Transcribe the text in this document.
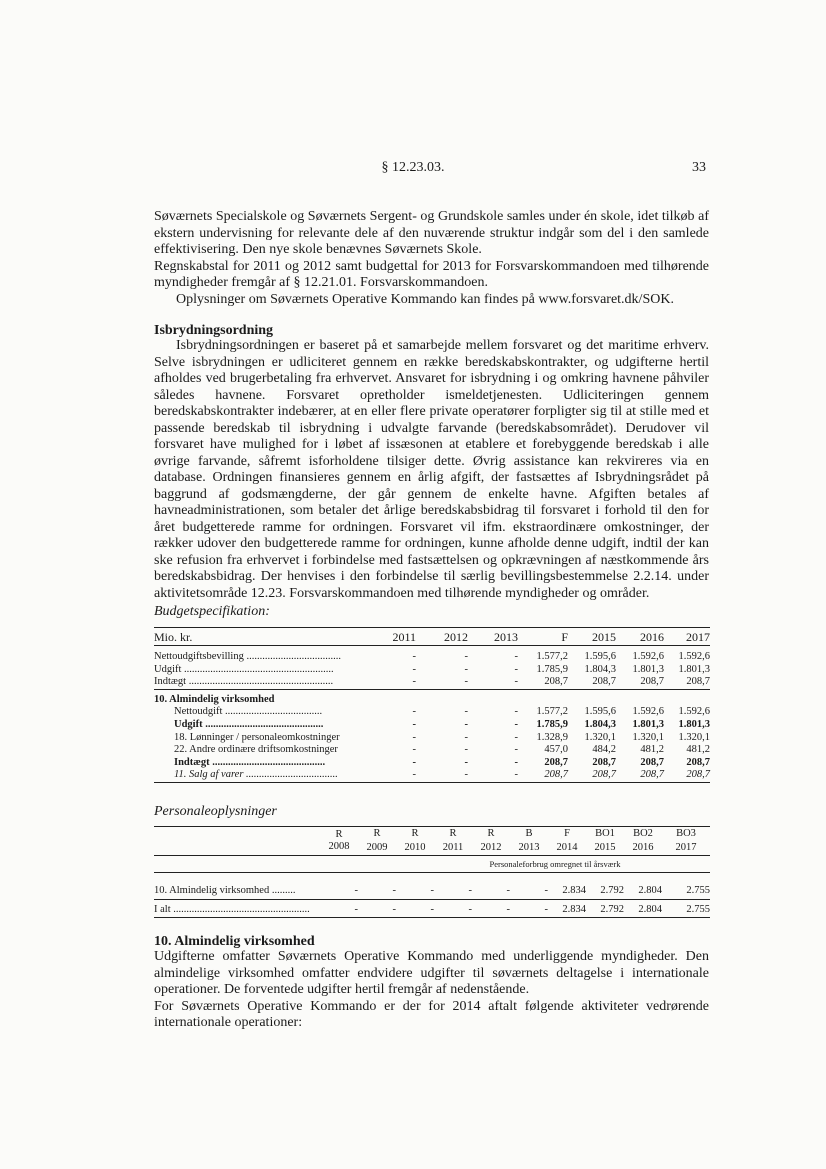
§ 12.23.03.	33

Søværnets Specialskole og Søværnets Sergent- og Grundskole samles under én skole, idet tilkøb af ekstern undervisning for relevante dele af den nuværende struktur indgår som del i den samlede effektivisering. Den nye skole benævnes Søværnets Skole.

Regnskabstal for 2011 og 2012 samt budgettal for 2013 for Forsvarskommandoen med tilhørende myndigheder fremgår af § 12.21.01. Forsvarskommandoen.

Oplysninger om Søværnets Operative Kommando kan findes på www.forsvaret.dk/SOK.

Isbrydningsordning

Isbrydningsordningen er baseret på et samarbejde mellem forsvaret og det maritime erhverv. Selve isbrydningen er udliciteret gennem en række beredskabskontrakter, og udgifterne hertil afholdes ved brugerbetaling fra erhvervet. Ansvaret for isbrydning i og omkring havnene påhviler således havnene. Forsvaret opretholder ismeldetjenesten. Udliciteringen gennem beredskabskontrakter indebærer, at en eller flere private operatører forpligter sig til at stille med et passende beredskab til isbrydning i udvalgte farvande (beredskabsområdet). Derudover vil forsvaret have mulighed for i løbet af issæsonen at etablere et forebyggende beredskab i alle øvrige farvande, såfremt isforholdene tilsiger dette. Øvrig assistance kan rekvireres via en database. Ordningen finansieres gennem en årlig afgift, der fastsættes af Isbrydningsrådet på baggrund af godsmængderne, der går gennem de enkelte havne. Afgiften betales af havneadministrationen, som betaler det årlige beredskabsbidrag til forsvaret i forhold til den for året budgetterede ramme for ordningen. Forsvaret vil ifm. ekstraordinære omkostninger, der rækker udover den budgetterede ramme for ordningen, kunne afholde denne udgift, indtil der kan ske refusion fra erhvervet i forbindelse med fastsættelsen og opkrævningen af næstkommende års beredskabsbidrag. Der henvises i den forbindelse til særlig bevillingsbestemmelse 2.2.14. under aktivitetsområde 12.23. Forsvarskommandoen med tilhørende myndigheder og områder.

Budgetspecifikation:
Mio. kr.	2011	2012	2013	F	2015	2016	2017

Nettoudgiftsbevilling ....................................	-	-	-	1.577,2	1.595,6	1.592,6	1.592,6
Udgift .........................................................	-	-	-	1.785,9	1.804,3	1.801,3	1.801,3
Indtægt .......................................................	-	-	-	208,7	208,7	208,7	208,7

10. Almindelig virksomhed							
Nettoudgift .....................................	-	-	-	1.577,2	1.595,6	1.592,6	1.592,6
Udgift .............................................	-	-	-	1.785,9	1.804,3	1.801,3	1.801,3
18. Lønninger / personaleomkostninger	-	-	-	1.328,9	1.320,1	1.320,1	1.320,1
22. Andre ordinære driftsomkostninger	-	-	-	457,0	484,2	481,2	481,2
Indtægt ...........................................	-	-	-	208,7	208,7	208,7	208,7
11. Salg af varer ...................................	-	-	-	208,7	208,7	208,7	208,7
Personaleoplysninger
	R	R	R	R	R	B	F	BO1	BO2	BO3
	2008	2009	2010	2011	2012	2013	2014	2015	2016	2017
	Personaleforbrug omregnet til årsværk									

10. Almindelig virksomhed .........	-	-	-	-	-	-	2.834	2.792	2.804	2.755

I alt ....................................................	-	-	-	-	-	-	2.834	2.792	2.804	2.755
10. Almindelig virksomhed

Udgifterne omfatter Søværnets Operative Kommando med underliggende myndigheder. Den almindelige virksomhed omfatter endvidere udgifter til søværnets deltagelse i internationale operationer. De forventede udgifter hertil fremgår af nedenstående.

For Søværnets Operative Kommando er der for 2014 aftalt følgende aktiviteter vedrørende internationale operationer:
